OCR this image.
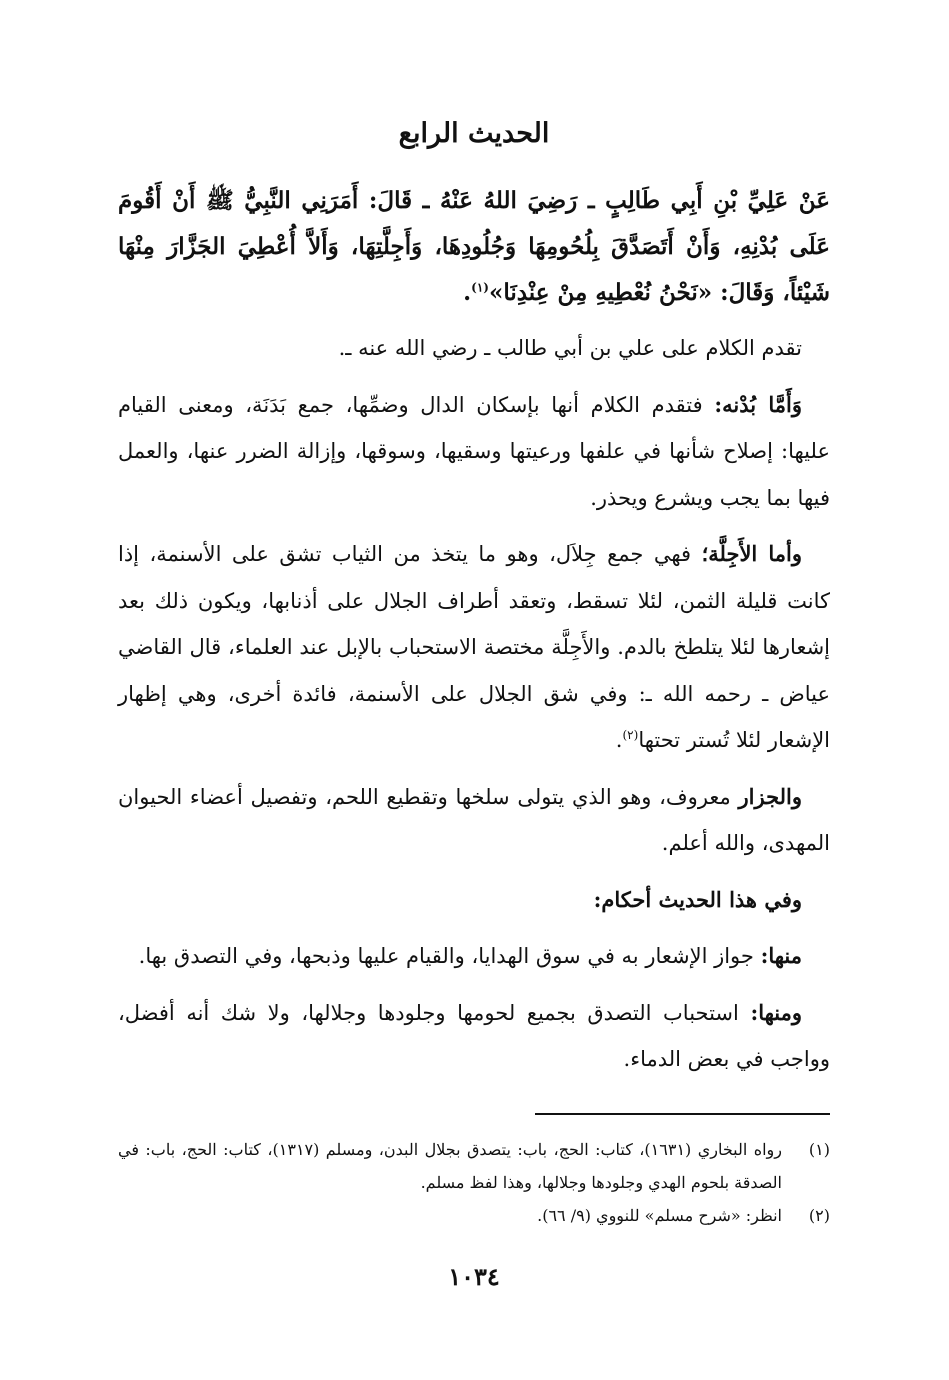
الحديث الرابع

عَنْ عَلِيِّ بْنِ أَبِي طَالِبٍ ـ رَضِيَ اللهُ عَنْهُ ـ قَالَ: أَمَرَنِي النَّبِيُّ ﷺ أَنْ أَقُومَ عَلَى بُدْنِهِ، وَأَنْ أَتَصَدَّقَ بِلُحُومِهَا وَجُلُودِهَا، وَأَجِلَّتِهَا، وَأَلاَّ أُعْطِيَ الجَزَّارَ مِنْهَا شَيْئاً، وَقَالَ: «نَحْنُ نُعْطِيهِ مِنْ عِنْدِنَا»$^{(١)}$.

تقدم الكلام على علي بن أبي طالب ـ رضي الله عنه ـ.

وَأَمَّا بُدْنه: فتقدم الكلام أنها بإسكان الدال وضمِّها، جمع بَدَنَة، ومعنى القيام عليها: إصلاح شأنها في علفها ورعيتها وسقيها، وسوقها، وإزالة الضرر عنها، والعمل فيها بما يجب ويشرع ويحذر.

وأما الأَجِلَّة؛ فهي جمع جِلاَل، وهو ما يتخذ من الثياب تشق على الأسنمة، إذا كانت قليلة الثمن، لئلا تسقط، وتعقد أطراف الجلال على أذنابها، ويكون ذلك بعد إشعارها لئلا يتلطخ بالدم. والأَجِلَّة مختصة الاستحباب بالإبل عند العلماء، قال القاضي عياض ـ رحمه الله ـ: وفي شق الجلال على الأسنمة، فائدة أخرى، وهي إظهار الإشعار لئلا تُستر تحتها$^{(٢)}$.

والجزار معروف، وهو الذي يتولى سلخها وتقطيع اللحم، وتفصيل أعضاء الحيوان المهدى، والله أعلم.

وفي هذا الحديث أحكام:

منها: جواز الإشعار به في سوق الهدايا، والقيام عليها وذبحها، وفي التصدق بها.

ومنها: استحباب التصدق بجميع لحومها وجلودها وجلالها، ولا شك أنه أفضل، وواجب في بعض الدماء.

(١)
رواه البخاري (١٦٣١)، كتاب: الحج، باب: يتصدق بجلال البدن، ومسلم (١٣١٧)، كتاب: الحج، باب: في الصدقة بلحوم الهدي وجلودها وجلالها، وهذا لفظ مسلم.
(٢)
انظر: «شرح مسلم» للنووي (٩/ ٦٦).
١٠٣٤
